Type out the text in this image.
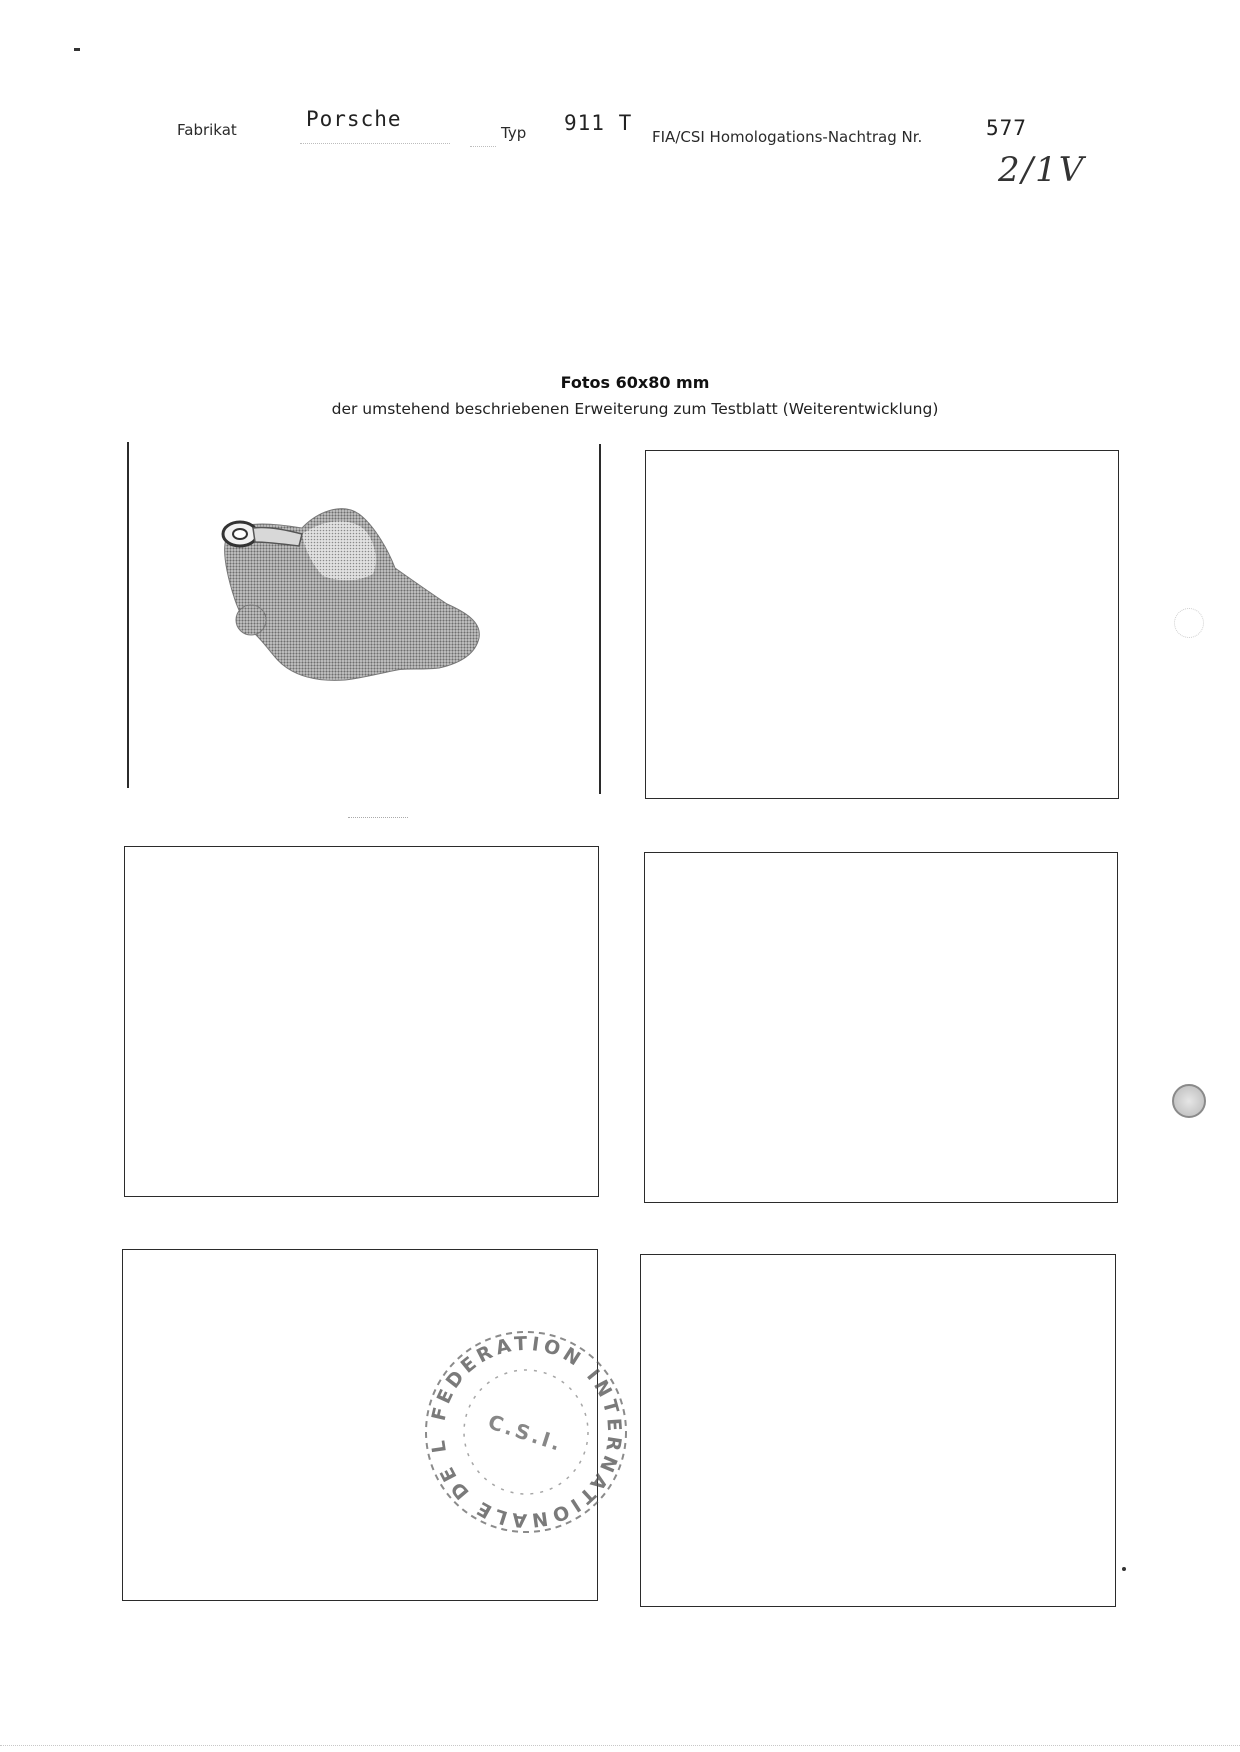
Fabrikat	Porsche
Typ 911 T
FIA/CSI Homologations-Nachtrag Nr.	577
2/1V
Fotos 60x80 mm
der umstehend beschriebenen Erweiterung zum Testblatt (Weiterentwicklung)
FEDERATION INTERNATIONALE DE L'AUTOMOBILE
C.S.I.
